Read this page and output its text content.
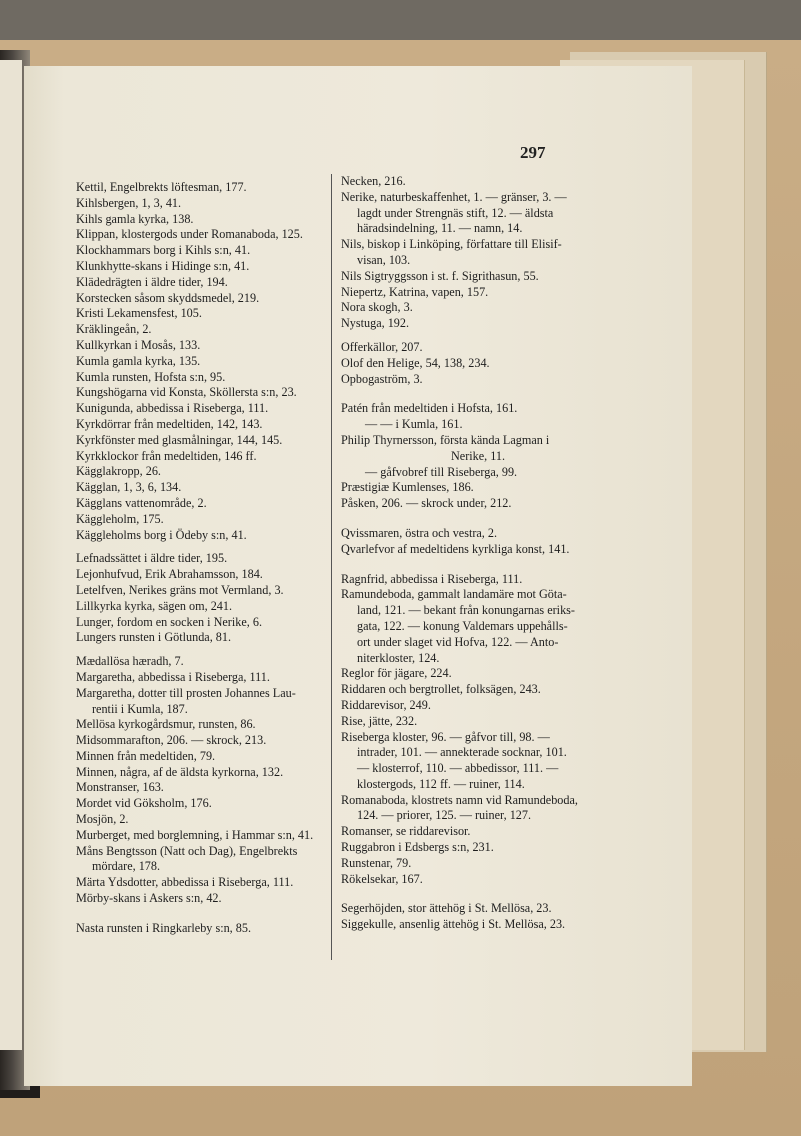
297
Kettil, Engelbrekts löftesman, 177.
Kihlsbergen, 1, 3, 41.
Kihls gamla kyrka, 138.
Klippan, klostergods under Romanaboda, 125.
Klockhammars borg i Kihls s:n, 41.
Klunkhytte-skans i Hidinge s:n, 41.
Klädedrägten i äldre tider, 194.
Korstecken såsom skyddsmedel, 219.
Kristi Lekamensfest, 105.
Kräklingeån, 2.
Kullkyrkan i Mosås, 133.
Kumla gamla kyrka, 135.
Kumla runsten, Hofsta s:n, 95.
Kungshögarna vid Konsta, Sköllersta s:n, 23.
Kunigunda, abbedissa i Riseberga, 111.
Kyrkdörrar från medeltiden, 142, 143.
Kyrkfönster med glasmålningar, 144, 145.
Kyrkklockor från medeltiden, 146 ff.
Kägglakropp, 26.
Kägglan, 1, 3, 6, 134.
Kägglans vattenområde, 2.
Käggleholm, 175.
Käggleholms borg i Ödeby s:n, 41.
Lefnadssättet i äldre tider, 195.
Lejonhufvud, Erik Abrahamsson, 184.
Letelfven, Nerikes gräns mot Vermland, 3.
Lillkyrka kyrka, sägen om, 241.
Lunger, fordom en socken i Nerike, 6.
Lungers runsten i Götlunda, 81.
Mædallösa hæradh, 7.
Margaretha, abbedissa i Riseberga, 111.
Margaretha, dotter till prosten Johannes Lau-
rentii i Kumla, 187.
Mellösa kyrkogårdsmur, runsten, 86.
Midsommarafton, 206. — skrock, 213.
Minnen från medeltiden, 79.
Minnen, några, af de äldsta kyrkorna, 132.
Monstranser, 163.
Mordet vid Göksholm, 176.
Mosjön, 2.
Murberget, med borglemning, i Hammar s:n, 41.
Måns Bengtsson (Natt och Dag), Engelbrekts
mördare, 178.
Märta Ydsdotter, abbedissa i Riseberga, 111.
Mörby-skans i Askers s:n, 42.
Nasta runsten i Ringkarleby s:n, 85.
Necken, 216.
Nerike, naturbeskaffenhet, 1. — gränser, 3. —
lagdt under Strengnäs stift, 12. — äldsta
häradsindelning, 11. — namn, 14.
Nils, biskop i Linköping, författare till Elisif-
visan, 103.
Nils Sigtryggsson i st. f. Sigrithasun, 55.
Niepertz, Katrina, vapen, 157.
Nora skogh, 3.
Nystuga, 192.
Offerkällor, 207.
Olof den Helige, 54, 138, 234.
Opbogaström, 3.
Patén från medeltiden i Hofsta, 161.
— — i Kumla, 161.
Philip Thyrnersson, första kända Lagman i
Nerike, 11.
— gåfvobref till Riseberga, 99.
Præstigiæ Kumlenses, 186.
Påsken, 206. — skrock under, 212.
Qvissmaren, östra och vestra, 2.
Qvarlefvor af medeltidens kyrkliga konst, 141.
Ragnfrid, abbedissa i Riseberga, 111.
Ramundeboda, gammalt landamäre mot Göta-
land, 121. — bekant från konungarnas eriks-
gata, 122. — konung Valdemars uppehålls-
ort under slaget vid Hofva, 122. — Anto-
niterkloster, 124.
Reglor för jägare, 224.
Riddaren och bergtrollet, folksägen, 243.
Riddarevisor, 249.
Rise, jätte, 232.
Riseberga kloster, 96. — gåfvor till, 98. —
intrader, 101. — annekterade socknar, 101.
— klosterrof, 110. — abbedissor, 111. —
klostergods, 112 ff. — ruiner, 114.
Romanaboda, klostrets namn vid Ramundeboda,
124. — priorer, 125. — ruiner, 127.
Romanser, se riddarevisor.
Ruggabron i Edsbergs s:n, 231.
Runstenar, 79.
Rökelsekar, 167.
Segerhöjden, stor ättehög i St. Mellösa, 23.
Siggekulle, ansenlig ättehög i St. Mellösa, 23.
